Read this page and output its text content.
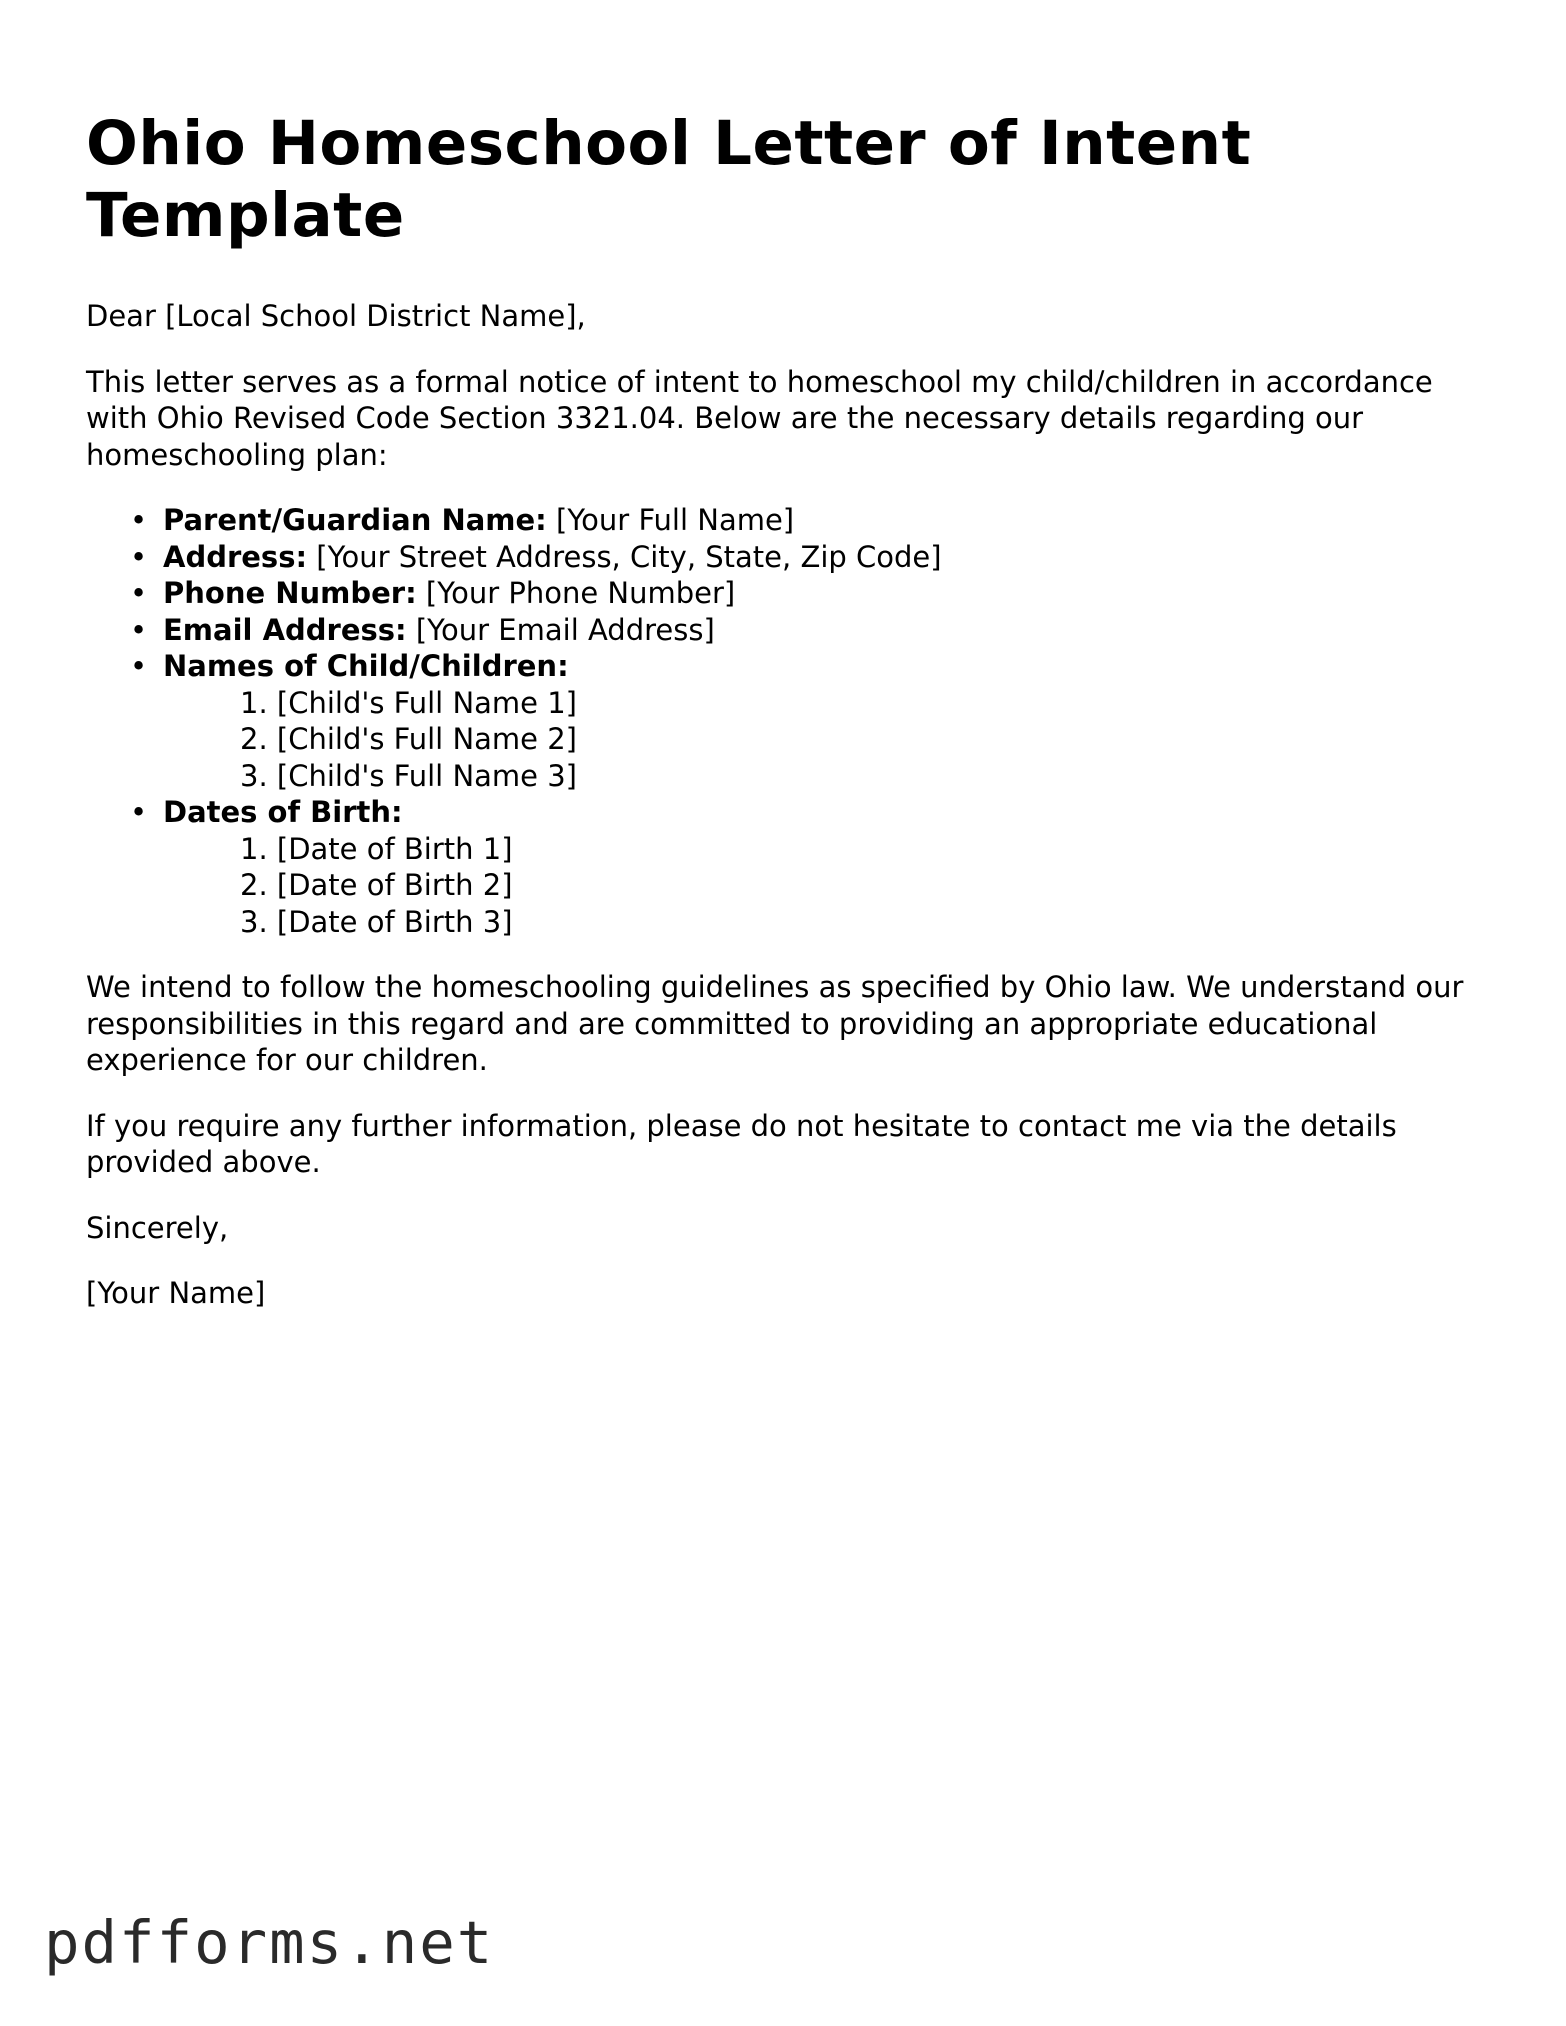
Ohio Homeschool Letter of Intent
Template

Dear [Local School District Name],

This letter serves as a formal notice of intent to homeschool my child/children in accordance with Ohio Revised Code Section 3321.04. Below are the necessary details regarding our homeschooling plan:

• Parent/Guardian Name: [Your Full Name]
• Address: [Your Street Address, City, State, Zip Code]
• Phone Number: [Your Phone Number]
• Email Address: [Your Email Address]
• Names of Child/Children:
1. [Child's Full Name 1]
2. [Child's Full Name 2]
3. [Child's Full Name 3]
• Dates of Birth:
1. [Date of Birth 1]
2. [Date of Birth 2]
3. [Date of Birth 3]

We intend to follow the homeschooling guidelines as specified by Ohio law. We understand our responsibilities in this regard and are committed to providing an appropriate educational experience for our children.

If you require any further information, please do not hesitate to contact me via the details provided above.

Sincerely,

[Your Name]

pdfforms.net
